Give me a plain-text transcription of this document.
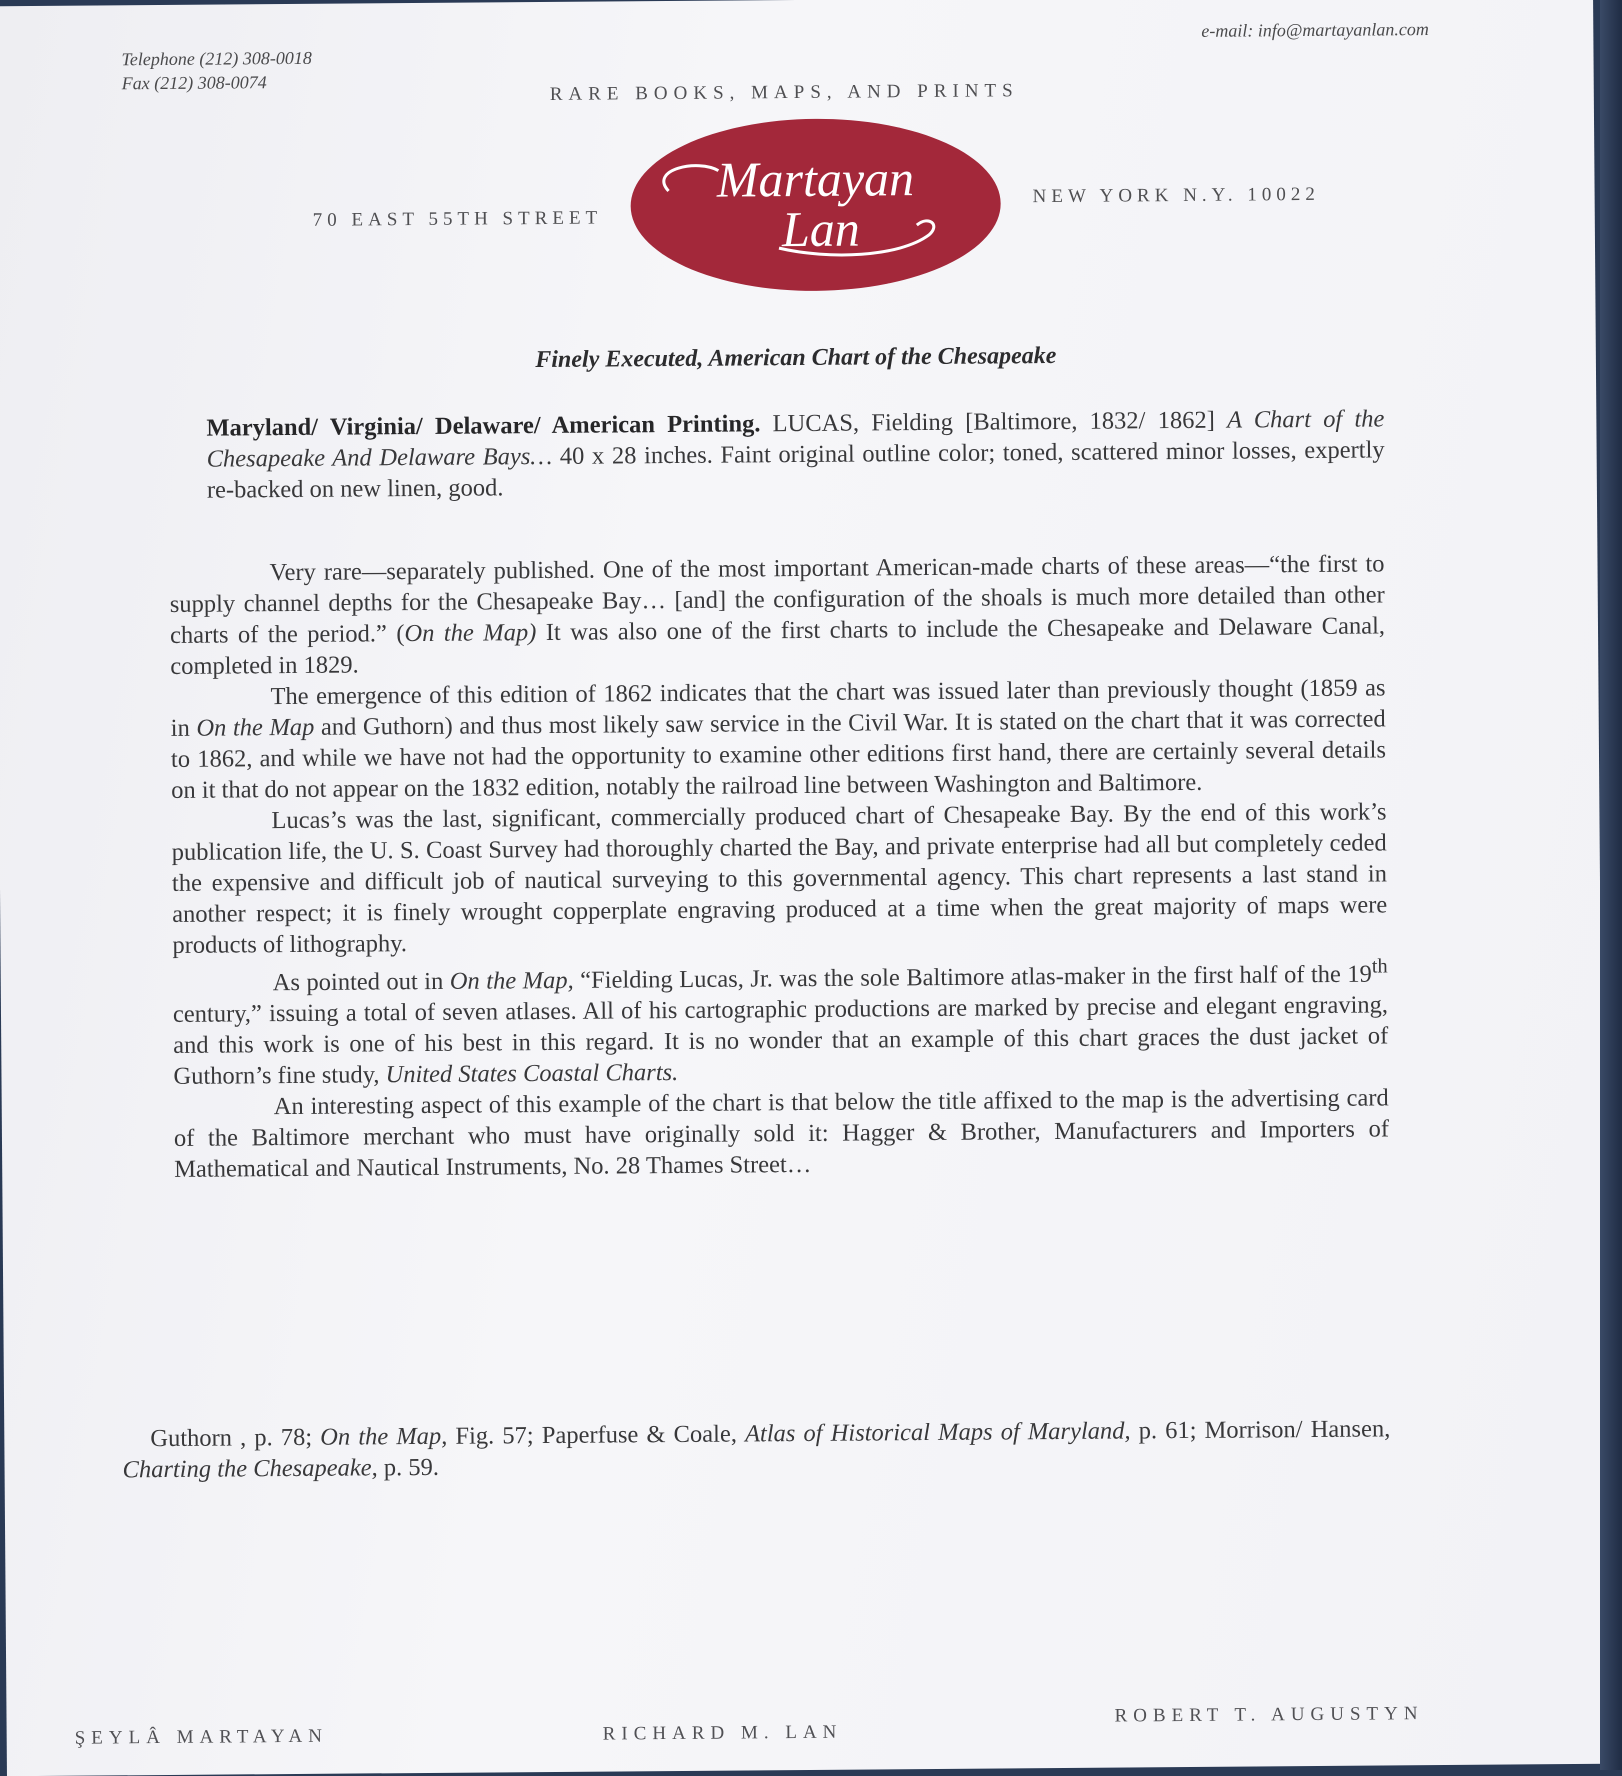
Telephone (212) 308-0018
Fax (212) 308-0074
e-mail: info@martayanlan.com
RARE BOOKS, MAPS, AND PRINTS
70 EAST 55TH STREET
NEW YORK N.Y. 10022
Martayan
Lan
Finely Executed, American Chart of the Chesapeake

Maryland/ Virginia/ Delaware/ American Printing. LUCAS, Fielding [Baltimore, 1832/ 1862] A Chart of the Chesapeake And Delaware Bays… 40 x 28 inches. Faint original outline color; toned, scattered minor losses, expertly re-backed on new linen, good.

Very rare—separately published. One of the most important American-made charts of these areas—“the first to supply channel depths for the Chesapeake Bay… [and] the configuration of the shoals is much more detailed than other charts of the period.” (On the Map) It was also one of the first charts to include the Chesapeake and Delaware Canal, completed in 1829.

The emergence of this edition of 1862 indicates that the chart was issued later than previously thought (1859 as in On the Map and Guthorn) and thus most likely saw service in the Civil War. It is stated on the chart that it was corrected to 1862, and while we have not had the opportunity to examine other editions first hand, there are certainly several details on it that do not appear on the 1832 edition, notably the railroad line between Washington and Baltimore.

Lucas’s was the last, significant, commercially produced chart of Chesapeake Bay. By the end of this work’s publication life, the U. S. Coast Survey had thoroughly charted the Bay, and private enterprise had all but completely ceded the expensive and difficult job of nautical surveying to this governmental agency. This chart represents a last stand in another respect; it is finely wrought copperplate engraving produced at a time when the great majority of maps were products of lithography.

As pointed out in On the Map, “Fielding Lucas, Jr. was the sole Baltimore atlas-maker in the first half of the 19th century,” issuing a total of seven atlases. All of his cartographic productions are marked by precise and elegant engraving, and this work is one of his best in this regard. It is no wonder that an example of this chart graces the dust jacket of Guthorn’s fine study, United States Coastal Charts.

An interesting aspect of this example of the chart is that below the title affixed to the map is the advertising card of the Baltimore merchant who must have originally sold it: Hagger & Brother, Manufacturers and Importers of Mathematical and Nautical Instruments, No. 28 Thames Street…

Guthorn , p. 78; On the Map, Fig. 57; Paperfuse & Coale, Atlas of Historical Maps of Maryland, p. 61; Morrison/ Hansen, Charting the Chesapeake, p. 59.

ŞEYLÂ MARTAYAN	RICHARD M. LAN
ROBERT T. AUGUSTYN
